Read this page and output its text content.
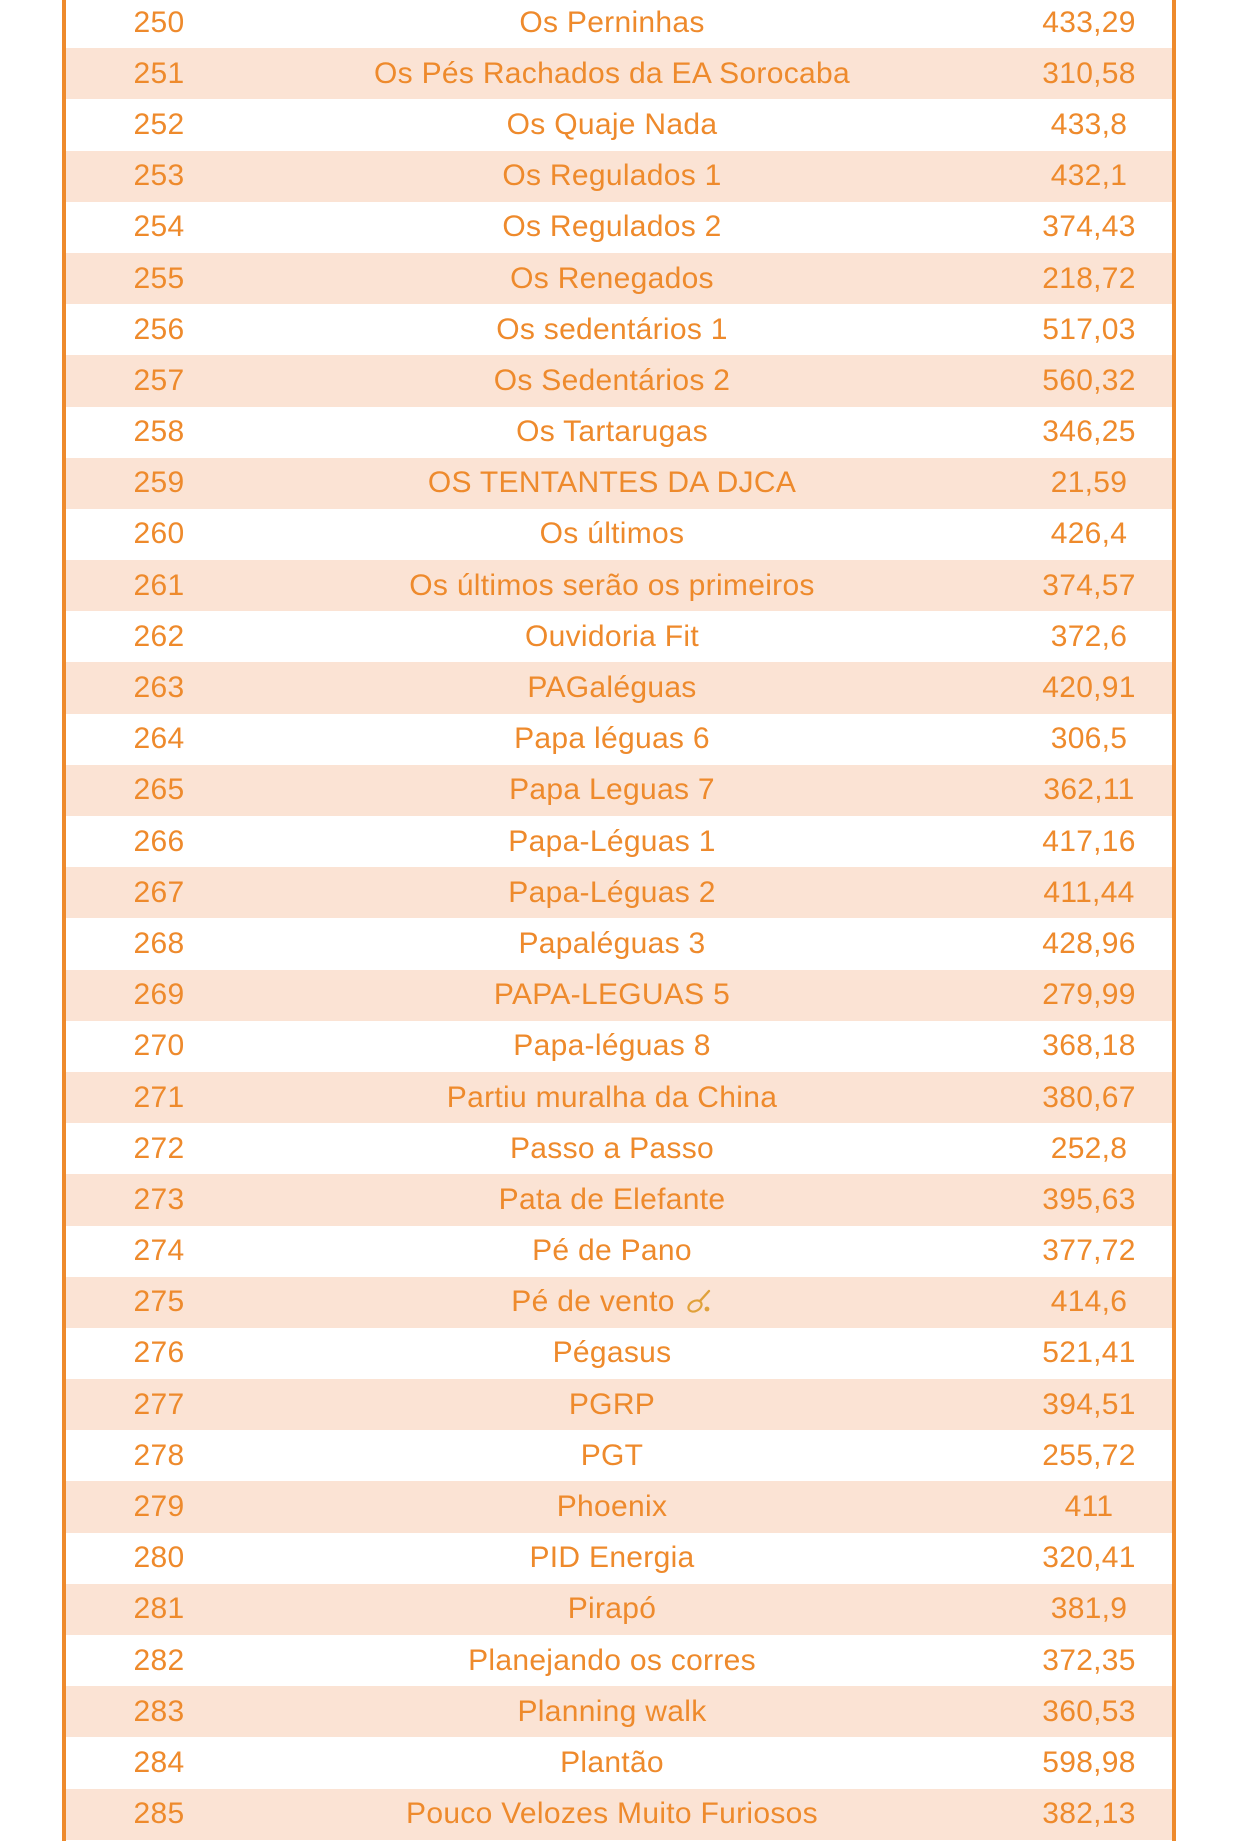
250	Os Perninhas	433,29
251	Os Pés Rachados da EA Sorocaba	310,58
252	Os Quaje Nada	433,8
253	Os Regulados 1	432,1
254	Os Regulados 2	374,43
255	Os Renegados	218,72
256	Os sedentários 1	517,03
257	Os Sedentários 2	560,32
258	Os Tartarugas	346,25
259	OS TENTANTES DA DJCA	21,59
260	Os últimos	426,4
261	Os últimos serão os primeiros	374,57
262	Ouvidoria Fit	372,6
263	PAGaléguas	420,91
264	Papa léguas 6	306,5
265	Papa Leguas 7	362,11
266	Papa-Léguas 1	417,16
267	Papa-Léguas 2	411,44
268	Papaléguas 3	428,96
269	PAPA-LEGUAS 5	279,99
270	Papa-léguas 8	368,18
271	Partiu muralha da China	380,67
272	Passo a Passo	252,8
273	Pata de Elefante	395,63
274	Pé de Pano	377,72
275	Pé de vento	414,6
276	Pégasus	521,41
277	PGRP	394,51
278	PGT	255,72
279	Phoenix	411
280	PID Energia	320,41
281	Pirapó	381,9
282	Planejando os corres	372,35
283	Planning walk	360,53
284	Plantão	598,98
285	Pouco Velozes Muito Furiosos	382,13
